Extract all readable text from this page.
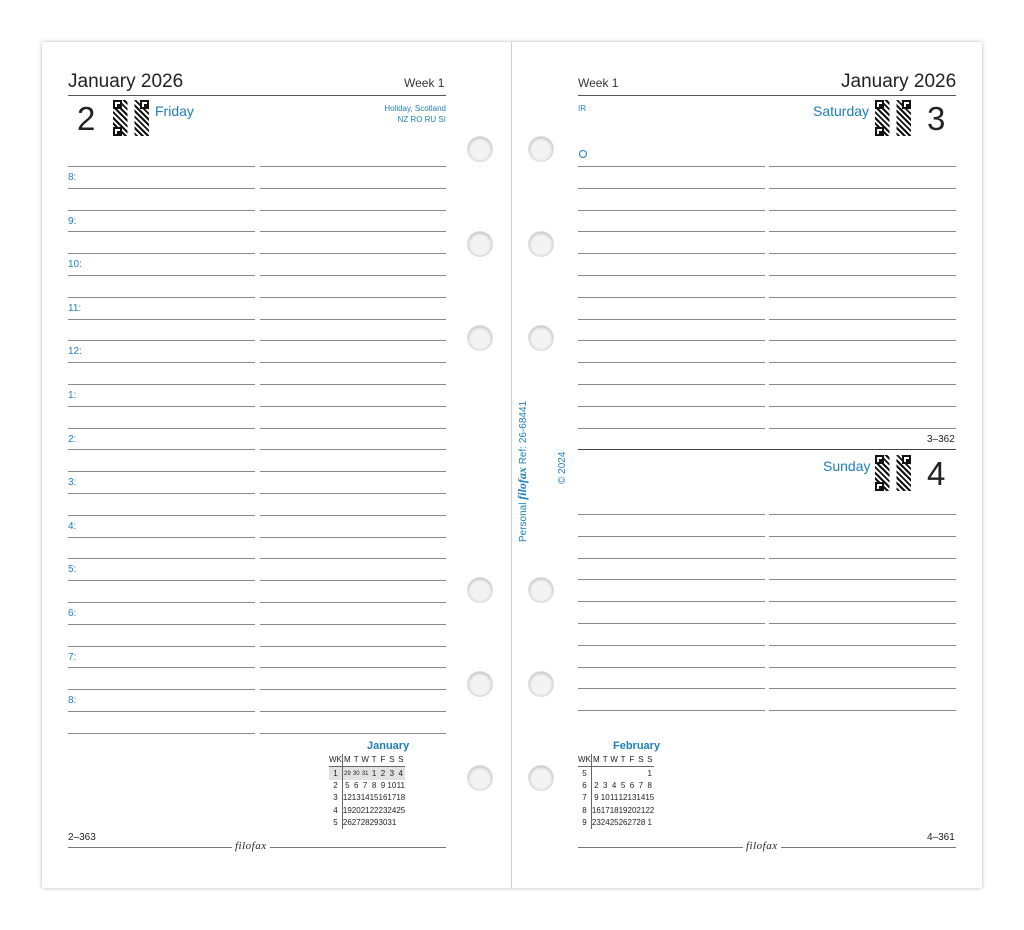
January 2026	Week 1
2	Friday	Holiday, Scotland
NZ RO RU SI
8:
9:
10:
11:
12:
1:
2:
3:
4:
5:
6:
7:
8:
January
WK	M	T	W	T	F	S	S
1	29	30	31	1	2	3	4
2	5	6	7	8	9	10	11
3	12	13	14	15	16	17	18
4	19	20	21	22	23	24	25
5	26	27	28	29	30	31	
2–363
filofax
Week 1	January 2026
IR	Saturday 3
3–362
Sunday 4
February
WK	M	T	W	T	F	S	S
5							1
6	2	3	4	5	6	7	8
7	9	10	11	12	13	14	15
8	16	17	18	19	20	21	22
9	23	24	25	26	27	28	1
4–361
filofax
Personal filofax Ref: 26-68441
© 2024
